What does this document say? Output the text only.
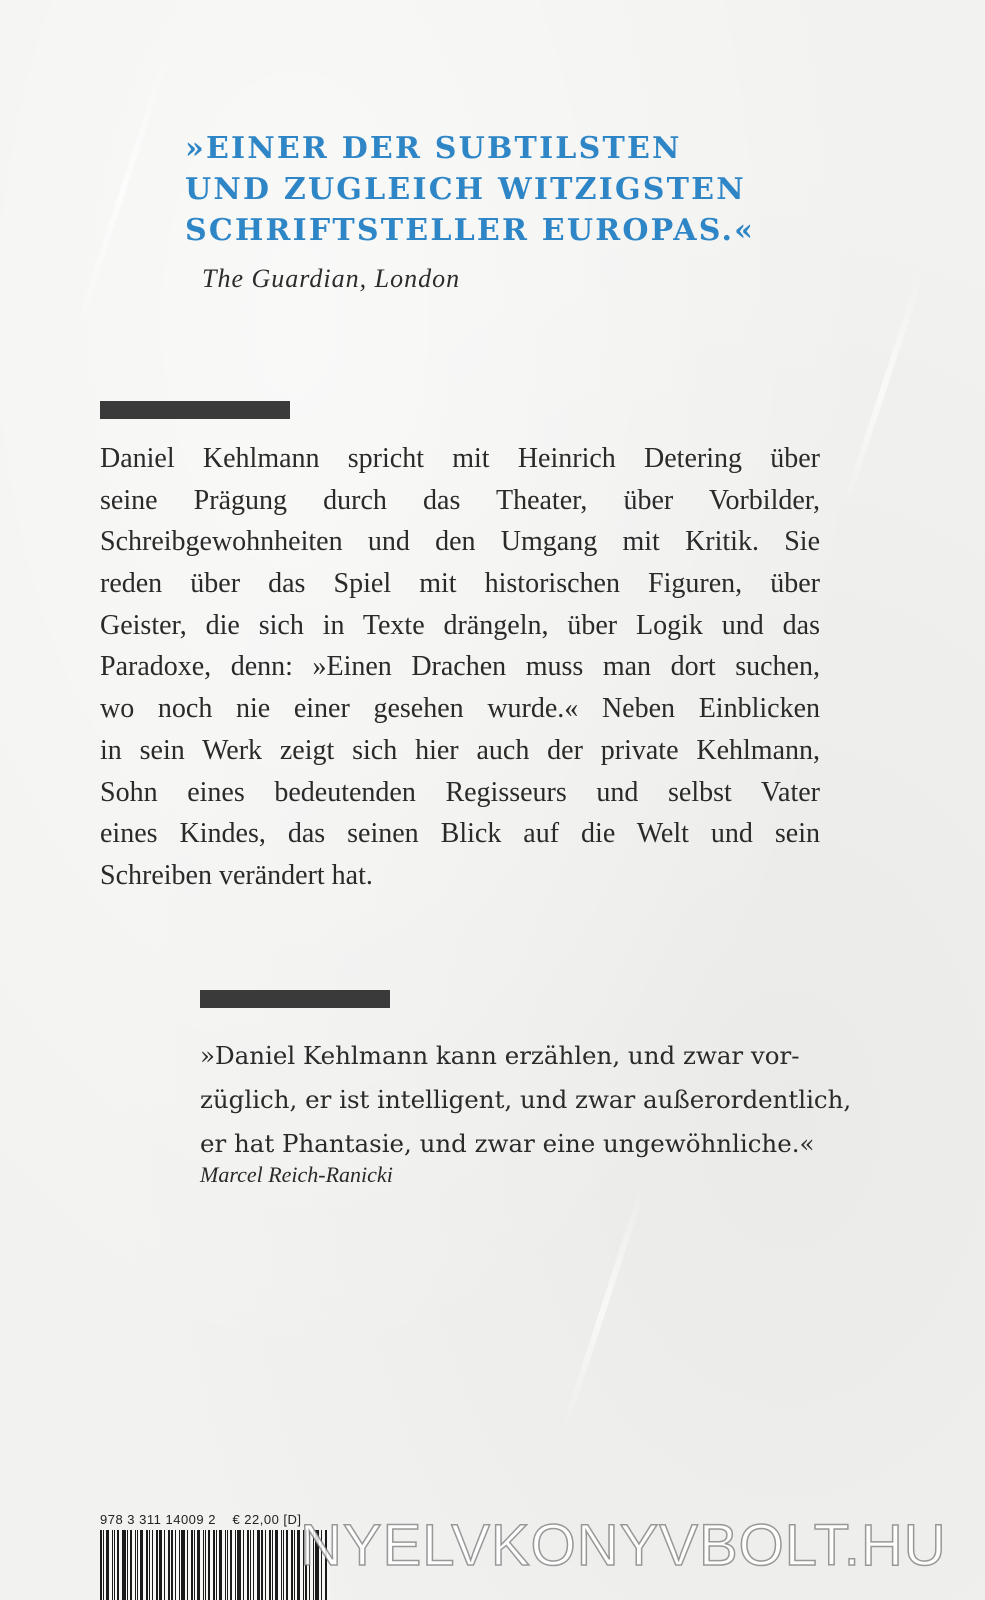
»EINER DER SUBTILSTEN
UND ZUGLEICH WITZIGSTEN
SCHRIFTSTELLER EUROPAS.«
The Guardian, London
Daniel Kehlmann spricht mit Heinrich Detering über
seine Prägung durch das Theater, über Vorbilder,
Schreibgewohnheiten und den Umgang mit Kritik. Sie
reden über das Spiel mit historischen Figuren, über
Geister, die sich in Texte drängeln, über Logik und das
Paradoxe, denn: »Einen Drachen muss man dort suchen,
wo noch nie einer gesehen wurde.« Neben Einblicken
in sein Werk zeigt sich hier auch der private Kehlmann,
Sohn eines bedeutenden Regisseurs und selbst Vater
eines Kindes, das seinen Blick auf die Welt und sein
Schreiben verändert hat.
»Daniel Kehlmann kann erzählen, und zwar vor-
züglich, er ist intelligent, und zwar außerordentlich,
er hat Phantasie, und zwar eine ungewöhnliche.«
Marcel Reich-Ranicki
978 3 311 14009 2 € 22,00 [D]
NYELVKONYVBOLT.HU
